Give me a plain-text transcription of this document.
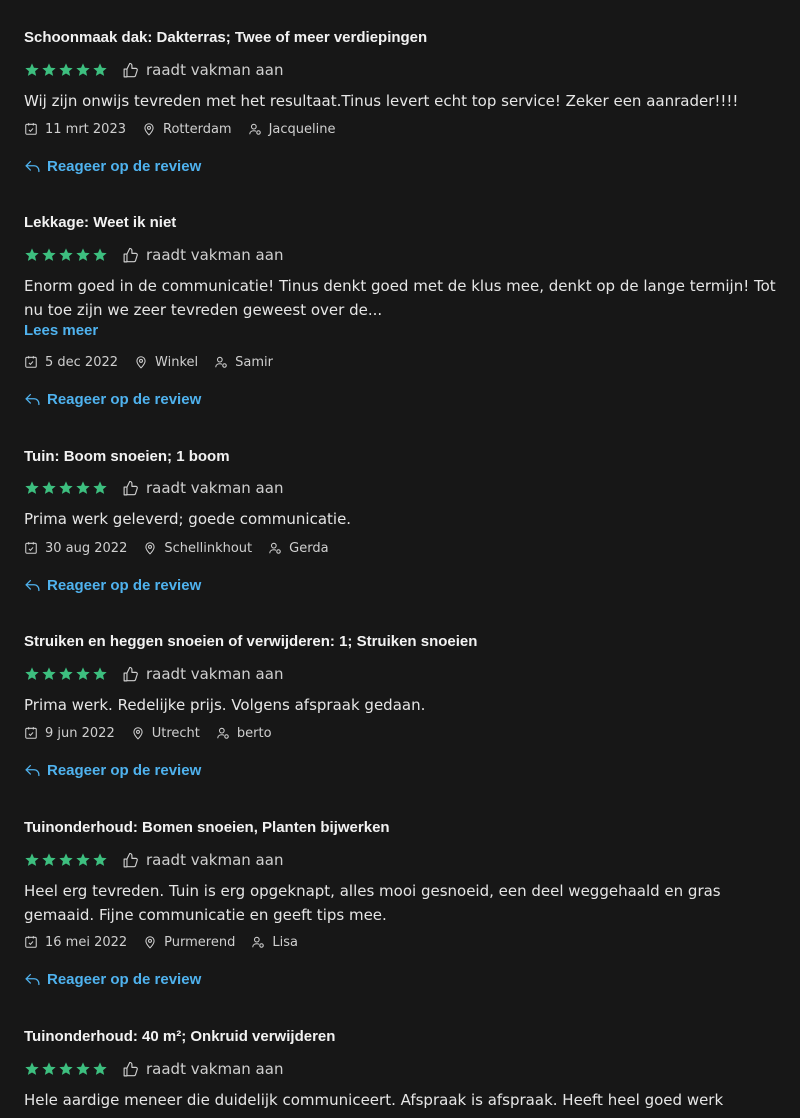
Schoonmaak dak: Dakterras; Twee of meer verdiepingen
raadt vakman aan
Wij zijn onwijs tevreden met het resultaat.Tinus levert echt top service! Zeker een aanrader!!!!
11 mrt 2023	Rotterdam	Jacqueline
Reageer op de review
Lekkage: Weet ik niet
raadt vakman aan
Enorm goed in de communicatie! Tinus denkt goed met de klus mee, denkt op de lange termijn! Tot nu toe zijn we zeer tevreden geweest over de...
Lees meer
5 dec 2022	Winkel	Samir
Reageer op de review
Tuin: Boom snoeien; 1 boom
raadt vakman aan
Prima werk geleverd; goede communicatie.
30 aug 2022	Schellinkhout	Gerda
Reageer op de review
Struiken en heggen snoeien of verwijderen: 1; Struiken snoeien
raadt vakman aan
Prima werk. Redelijke prijs. Volgens afspraak gedaan.
9 jun 2022	Utrecht	berto
Reageer op de review
Tuinonderhoud: Bomen snoeien, Planten bijwerken
raadt vakman aan
Heel erg tevreden. Tuin is erg opgeknapt, alles mooi gesnoeid, een deel weggehaald en gras gemaaid. Fijne communicatie en geeft tips mee.
16 mei 2022	Purmerend	Lisa
Reageer op de review
Tuinonderhoud: 40 m²; Onkruid verwijderen
raadt vakman aan
Hele aardige meneer die duidelijk communiceert. Afspraak is afspraak. Heeft heel goed werk
